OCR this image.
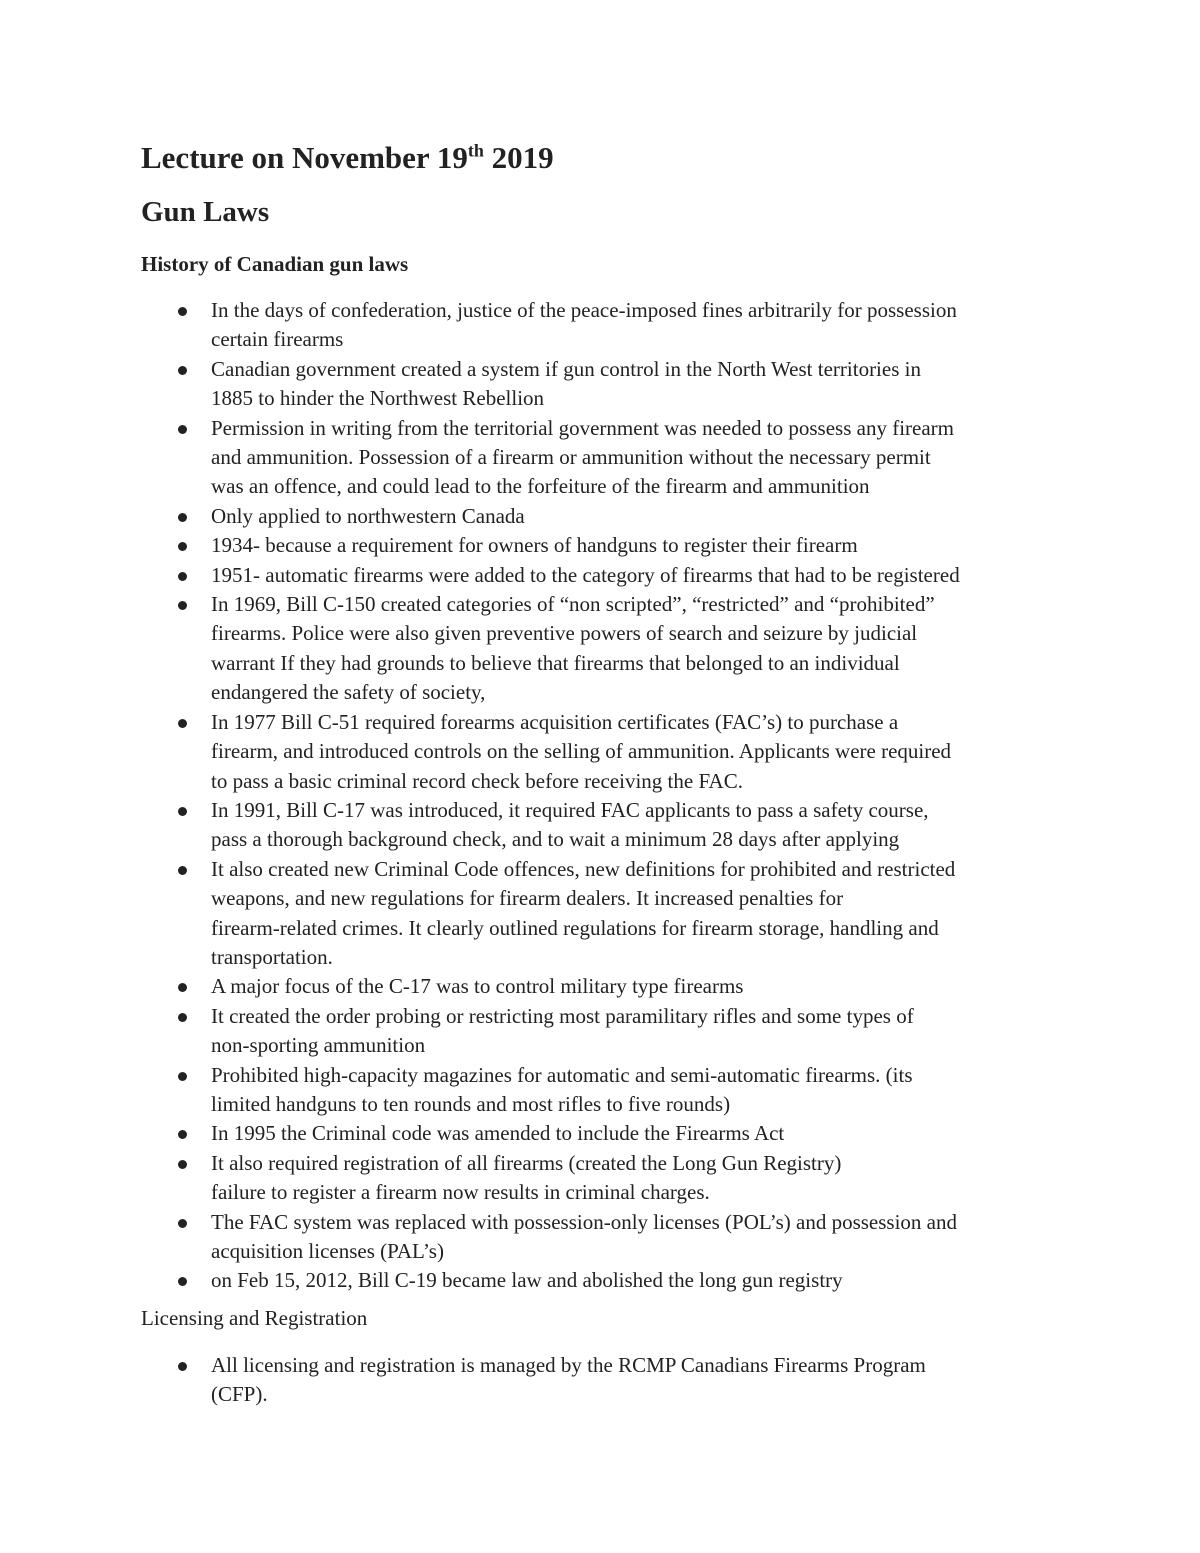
Lecture on November 19th 2019
Gun Laws
History of Canadian gun laws
In the days of confederation, justice of the peace-imposed fines arbitrarily for possession
certain firearms
Canadian government created a system if gun control in the North West territories in
1885 to hinder the Northwest Rebellion
Permission in writing from the territorial government was needed to possess any firearm
and ammunition. Possession of a firearm or ammunition without the necessary permit
was an offence, and could lead to the forfeiture of the firearm and ammunition
Only applied to northwestern Canada
1934- because a requirement for owners of handguns to register their firearm
1951- automatic firearms were added to the category of firearms that had to be registered
In 1969, Bill C-150 created categories of “non scripted”, “restricted” and “prohibited”
firearms. Police were also given preventive powers of search and seizure by judicial
warrant If they had grounds to believe that firearms that belonged to an individual
endangered the safety of society,
In 1977 Bill C-51 required forearms acquisition certificates (FAC’s) to purchase a
firearm, and introduced controls on the selling of ammunition. Applicants were required
to pass a basic criminal record check before receiving the FAC.
In 1991, Bill C-17 was introduced, it required FAC applicants to pass a safety course,
pass a thorough background check, and to wait a minimum 28 days after applying
It also created new Criminal Code offences, new definitions for prohibited and restricted
weapons, and new regulations for firearm dealers. It increased penalties for
firearm-related crimes. It clearly outlined regulations for firearm storage, handling and
transportation.
A major focus of the C-17 was to control military type firearms
It created the order probing or restricting most paramilitary rifles and some types of
non-sporting ammunition
Prohibited high-capacity magazines for automatic and semi-automatic firearms. (its
limited handguns to ten rounds and most rifles to five rounds)
In 1995 the Criminal code was amended to include the Firearms Act
It also required registration of all firearms (created the Long Gun Registry)
failure to register a firearm now results in criminal charges.
The FAC system was replaced with possession-only licenses (POL’s) and possession and
acquisition licenses (PAL’s)
on Feb 15, 2012, Bill C-19 became law and abolished the long gun registry
Licensing and Registration
All licensing and registration is managed by the RCMP Canadians Firearms Program
(CFP).
